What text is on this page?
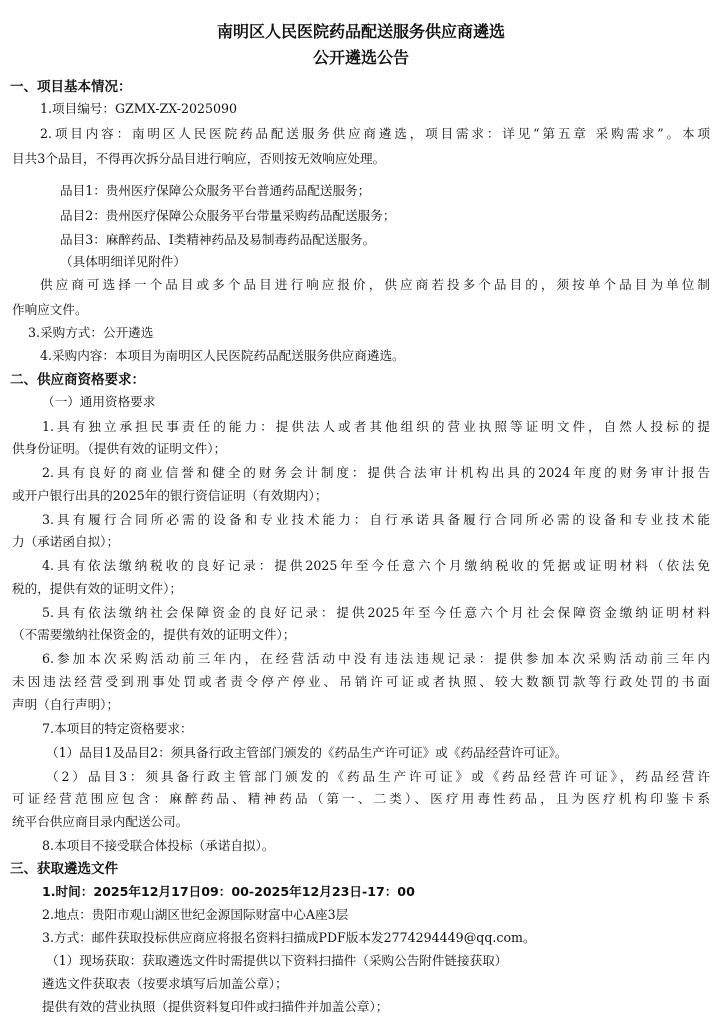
南明区人民医院药品配送服务供应商遴选
公开遴选公告
一、项目基本情况：
1.项目编号：GZMX-ZX-2025090
2.项目内容：南明区人民医院药品配送服务供应商遴选，项目需求：详见“第五章 采购需求”。本项
目共3个品目，不得再次拆分品目进行响应，否则按无效响应处理。
品目1：贵州医疗保障公众服务平台普通药品配送服务；
品目2：贵州医疗保障公众服务平台带量采购药品配送服务；
品目3：麻醉药品、I类精神药品及易制毒药品配送服务。
（具体明细详见附件）
供应商可选择一个品目或多个品目进行响应报价，供应商若投多个品目的，须按单个品目为单位制
作响应文件。
3.采购方式：公开遴选
4.采购内容：本项目为南明区人民医院药品配送服务供应商遴选。
二、供应商资格要求：
（一）通用资格要求
1.具有独立承担民事责任的能力：提供法人或者其他组织的营业执照等证明文件，自然人投标的提
供身份证明。（提供有效的证明文件）；
2.具有良好的商业信誉和健全的财务会计制度：提供合法审计机构出具的2024年度的财务审计报告
或开户银行出具的2025年的银行资信证明（有效期内）；
3.具有履行合同所必需的设备和专业技术能力：自行承诺具备履行合同所必需的设备和专业技术能
力（承诺函自拟）；
4.具有依法缴纳税收的良好记录：提供2025年至今任意六个月缴纳税收的凭据或证明材料（依法免
税的，提供有效的证明文件）；
5.具有依法缴纳社会保障资金的良好记录：提供2025年至今任意六个月社会保障资金缴纳证明材料
（不需要缴纳社保资金的，提供有效的证明文件）；
6.参加本次采购活动前三年内，在经营活动中没有违法违规记录：提供参加本次采购活动前三年内
未因违法经营受到刑事处罚或者责令停产停业、吊销许可证或者执照、较大数额罚款等行政处罚的书面
声明（自行声明）；
7.本项目的特定资格要求：
（1）品目1及品目2：须具备行政主管部门颁发的《药品生产许可证》或《药品经营许可证》。
（2）品目3：须具备行政主管部门颁发的《药品生产许可证》或《药品经营许可证》，药品经营许
可证经营范围应包含：麻醉药品、精神药品（第一、二类）、医疗用毒性药品，且为医疗机构印鉴卡系
统平台供应商目录内配送公司。
8.本项目不接受联合体投标（承诺自拟）。
三、获取遴选文件
1.时间：2025年12月17日09：00-2025年12月23日-17：00
2.地点：贵阳市观山湖区世纪金源国际财富中心A座3层
3.方式：邮件获取投标供应商应将报名资料扫描成PDF版本发2774294449@qq.com。
（1）现场获取：获取遴选文件时需提供以下资料扫描件（采购公告附件链接获取）
遴选文件获取表（按要求填写后加盖公章）；
提供有效的营业执照（提供资料复印件或扫描件并加盖公章）；
